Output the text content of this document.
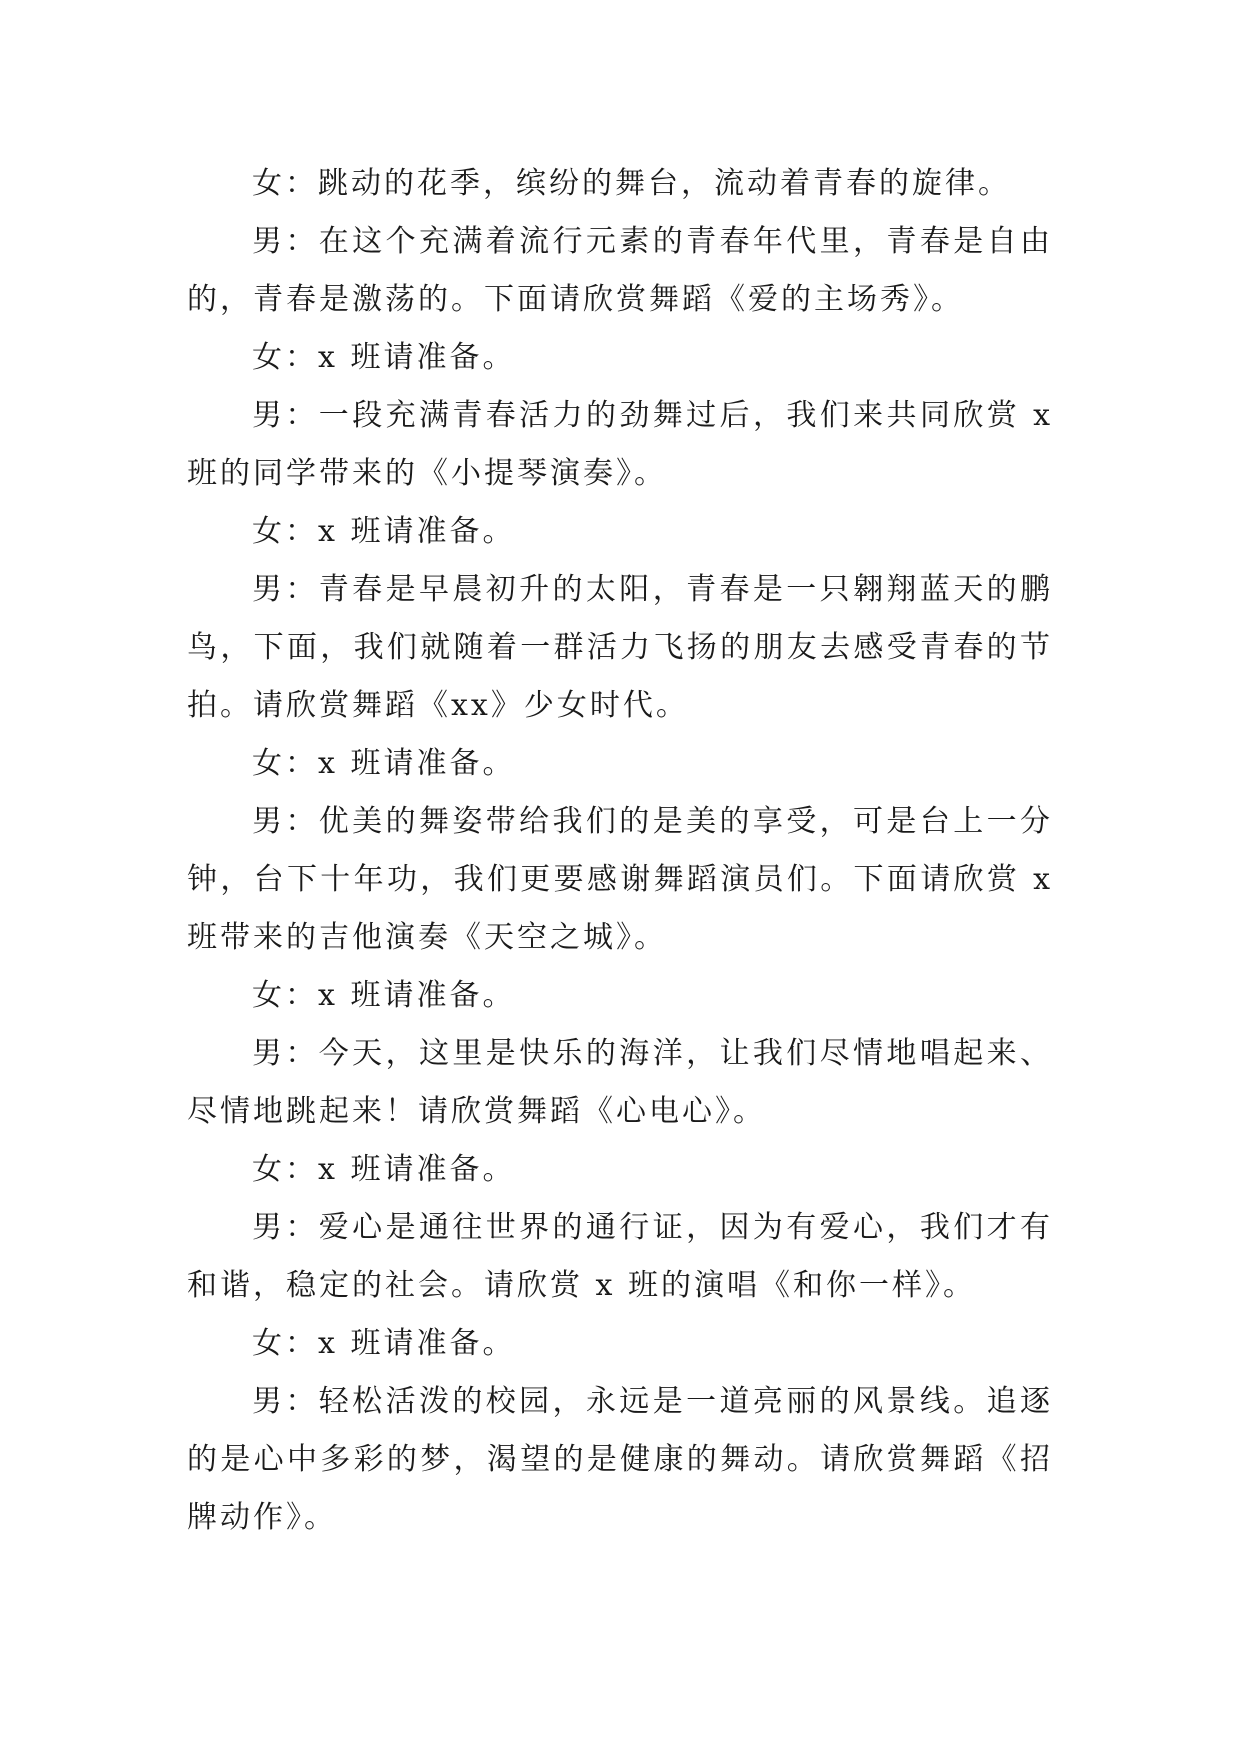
女：跳动的花季，缤纷的舞台，流动着青春的旋律。

男：在这个充满着流行元素的青春年代里，青春是自由的，青春是激荡的。下面请欣赏舞蹈《爱的主场秀》。

女：x 班请准备。

男：一段充满青春活力的劲舞过后，我们来共同欣赏 x 班的同学带来的《小提琴演奏》。

女：x 班请准备。

男：青春是早晨初升的太阳，青春是一只翱翔蓝天的鹏鸟，下面，我们就随着一群活力飞扬的朋友去感受青春的节拍。请欣赏舞蹈《xx》少女时代。

女：x 班请准备。

男：优美的舞姿带给我们的是美的享受，可是台上一分钟，台下十年功，我们更要感谢舞蹈演员们。下面请欣赏 x 班带来的吉他演奏《天空之城》。

女：x 班请准备。

男：今天，这里是快乐的海洋，让我们尽情地唱起来、尽情地跳起来！请欣赏舞蹈《心电心》。

女：x 班请准备。

男：爱心是通往世界的通行证，因为有爱心，我们才有和谐，稳定的社会。请欣赏 x 班的演唱《和你一样》。

女：x 班请准备。

男：轻松活泼的校园，永远是一道亮丽的风景线。追逐的是心中多彩的梦，渴望的是健康的舞动。请欣赏舞蹈《招牌动作》。
